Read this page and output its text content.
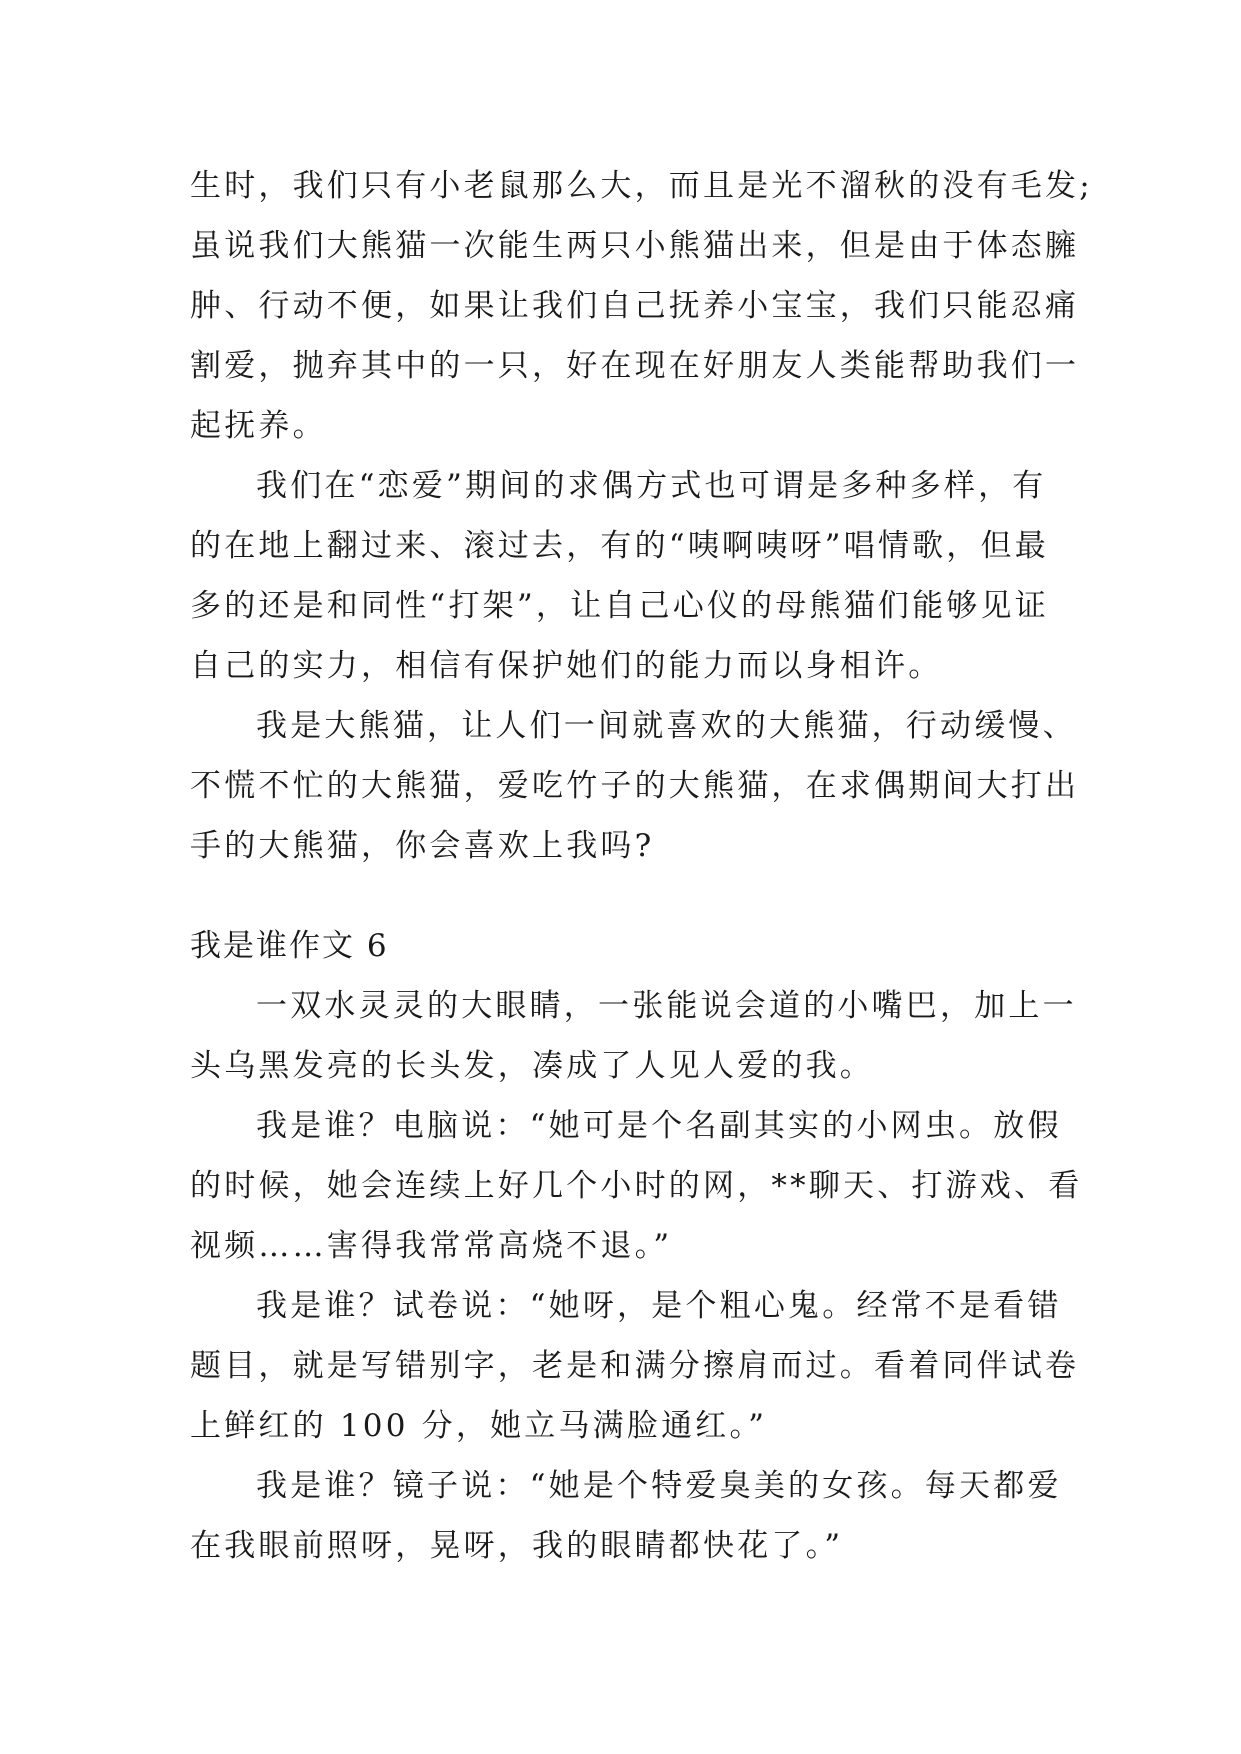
生时，我们只有小老鼠那么大，而且是光不溜秋的没有毛发;
虽说我们大熊猫一次能生两只小熊猫出来，但是由于体态臃
肿、行动不便，如果让我们自己抚养小宝宝，我们只能忍痛
割爱，抛弃其中的一只，好在现在好朋友人类能帮助我们一
起抚养。
我们在“恋爱”期间的求偶方式也可谓是多种多样，有
的在地上翻过来、滚过去，有的“咦啊咦呀”唱情歌，但最
多的还是和同性“打架”，让自己心仪的母熊猫们能够见证
自己的实力，相信有保护她们的能力而以身相许。
我是大熊猫，让人们一间就喜欢的大熊猫，行动缓慢、
不慌不忙的大熊猫，爱吃竹子的大熊猫，在求偶期间大打出
手的大熊猫，你会喜欢上我吗?
我是谁作文 6
一双水灵灵的大眼睛，一张能说会道的小嘴巴，加上一
头乌黑发亮的长头发，凑成了人见人爱的我。
我是谁？电脑说：“她可是个名副其实的小网虫。放假
的时候，她会连续上好几个小时的网，**聊天、打游戏、看
视频……害得我常常高烧不退。”
我是谁？试卷说：“她呀，是个粗心鬼。经常不是看错
题目，就是写错别字，老是和满分擦肩而过。看着同伴试卷
上鲜红的 100 分，她立马满脸通红。”
我是谁？镜子说：“她是个特爱臭美的女孩。每天都爱
在我眼前照呀，晃呀，我的眼睛都快花了。”
